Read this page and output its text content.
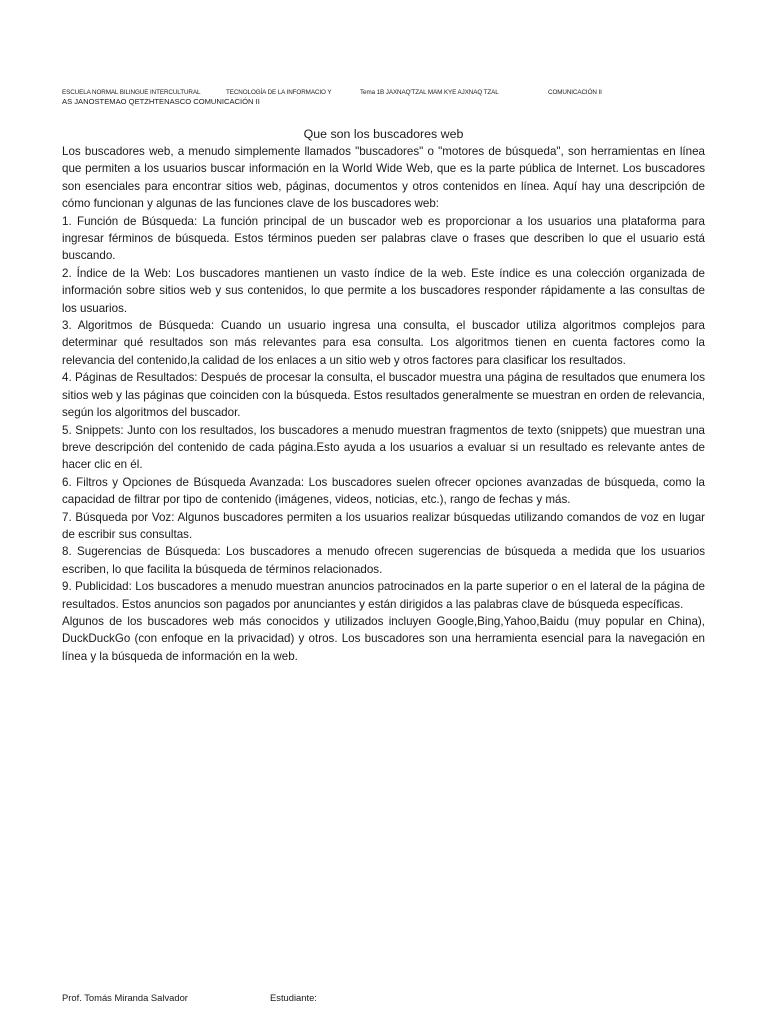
ESCUELA NORMAL BILINGUE INTERCULTURAL	TECNOLOGÍA DE LA INFORMACIO Y	Tema 1B JAXNAQ'TZAL MAM KYE AJXNAQ TZAL	COMUNICACIÓN II
AS JANOSTEMAO QETZHTENASCO COMUNICACIÓN II
Que son los buscadores web

Los buscadores web, a menudo simplemente llamados "buscadores" o "motores de búsqueda", son herramientas en línea que permiten a los usuarios buscar información en la World Wide Web, que es la parte pública de Internet. Los buscadores son esenciales para encontrar sitios web, páginas, documentos y otros contenidos en línea. Aquí hay una descripción de cómo funcionan y algunas de las funciones clave de los buscadores web:

1. Función de Búsqueda: La función principal de un buscador web es proporcionar a los usuarios una plataforma para ingresar férminos de búsqueda. Estos términos pueden ser palabras clave o frases que describen lo que el usuario está buscando.

2. Índice de la Web: Los buscadores mantienen un vasto índice de la web. Este índice es una colección organizada de información sobre sitios web y sus contenidos, lo que permite a los buscadores responder rápidamente a las consultas de los usuarios.

3. Algoritmos de Búsqueda: Cuando un usuario ingresa una consulta, el buscador utiliza algoritmos complejos para determinar qué resultados son más relevantes para esa consulta. Los algoritmos tienen en cuenta factores como la relevancia del contenido,la calidad de los enlaces a un sitio web y otros factores para clasificar los resultados.

4. Páginas de Resultados: Después de procesar la consulta, el buscador muestra una página de resultados que enumera los sitios web y las páginas que coinciden con la búsqueda. Estos resultados generalmente se muestran en orden de relevancia, según los algoritmos del buscador.

5. Snippets: Junto con los resultados, los buscadores a menudo muestran fragmentos de texto (snippets) que muestran una breve descripción del contenido de cada página.Esto ayuda a los usuarios a evaluar si un resultado es relevante antes de hacer clic en él.

6. Filtros y Opciones de Búsqueda Avanzada: Los buscadores suelen ofrecer opciones avanzadas de búsqueda, como la capacidad de filtrar por tipo de contenido (imágenes, videos, noticias, etc.), rango de fechas y más.

7. Búsqueda por Voz: Algunos buscadores permiten a los usuarios realizar búsquedas utilizando comandos de voz en lugar de escribir sus consultas.

8. Sugerencias de Búsqueda: Los buscadores a menudo ofrecen sugerencias de búsqueda a medida que los usuarios escriben, lo que facilita la búsqueda de términos relacionados.

9. Publicidad: Los buscadores a menudo muestran anuncios patrocinados en la parte superior o en el lateral de la página de resultados. Estos anuncios son pagados por anunciantes y están dirigidos a las palabras clave de búsqueda específicas.

Algunos de los buscadores web más conocidos y utilizados incluyen Google,Bing,Yahoo,Baidu (muy popular en China), DuckDuckGo (con enfoque en la privacidad) y otros. Los buscadores son una herramienta esencial para la navegación en línea y la búsqueda de información en la web.

Prof. Tomás Miranda Salvador	Estudiante:
